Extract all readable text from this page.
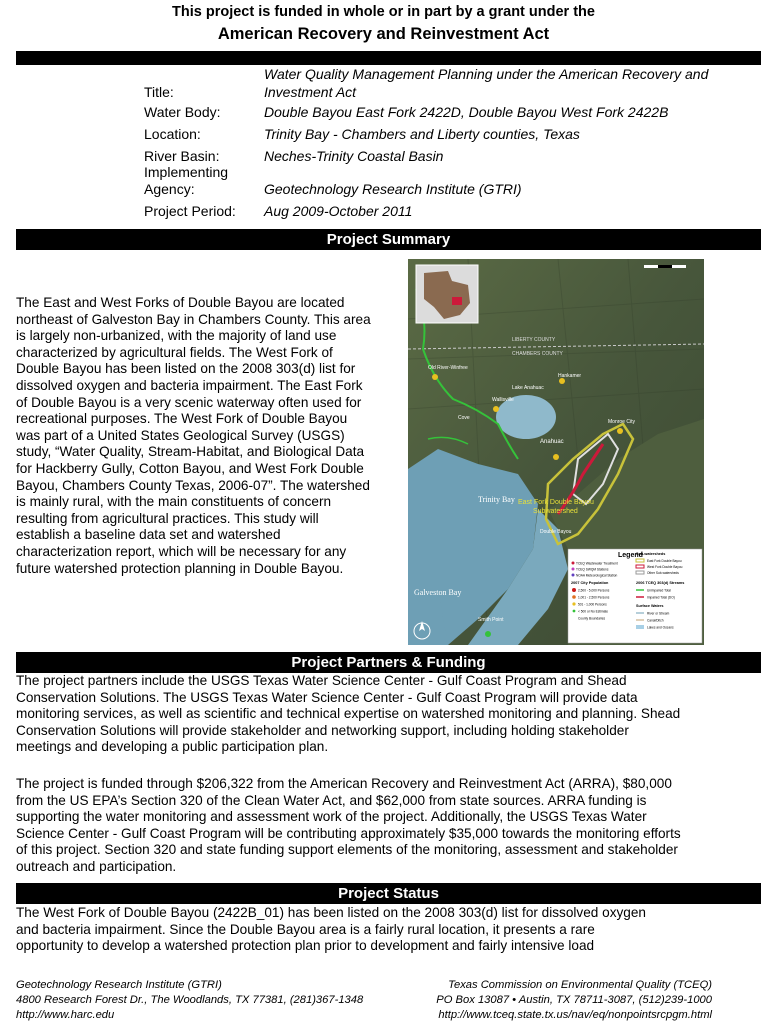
This project is funded in whole or in part by a grant under the
American Recovery and Reinvestment Act
Title:
Water Quality Management Planning under the American Recovery and Investment Act
Water Body:	Double Bayou East Fork 2422D, Double Bayou West Fork 2422B
Location:	Trinity Bay - Chambers and Liberty counties, Texas
River Basin:	Neches-Trinity Coastal Basin
Implementing
Agency:	Geotechnology Research Institute (GTRI)
Project Period: Aug 2009-October 2011
Project Summary
The East and West Forks of Double Bayou are located
northeast of Galveston Bay in Chambers County. This area
is largely non-urbanized, with the majority of land use
characterized by agricultural fields. The West Fork of
Double Bayou has been listed on the 2008 303(d) list for
dissolved oxygen and bacteria impairment. The East Fork
of Double Bayou is a very scenic waterway often used for
recreational purposes. The West Fork of Double Bayou
was part of a United States Geological Survey (USGS)
study, “Water Quality, Stream-Habitat, and Biological Data
for Hackberry Gully, Cotton Bayou, and West Fork Double
Bayou, Chambers County Texas, 2006-07”. The watershed
is mainly rural, with the main constituents of concern
resulting from agricultural practices. This study will
establish a baseline data set and watershed
characterization report, which will be necessary for any
future watershed protection planning in Double Bayou.
Trinity Bay
Galveston Bay
East Fork Double Bayou
Subwatershed
Anahuac
Double Bayou
Smith Point
Lake Anahuac
Old River-Winfree
Wallisville
Hankamer
Monroe City
Cove
LIBERTY COUNTY
CHAMBERS COUNTY
Legend
TCEQ Wastewater Treatment
TCEQ SWQM Stations
NOAA Meteorological Station
2007 City Population
2,500 - 5,000 Persons
1,001 - 2,500 Persons
501 - 1,000 Persons
< 500 or No Estimate
County Boundaries
Sub-watersheds
East Fork Double Bayou
West Fork Double Bayou
Other Sub-watersheds
2006 TCEQ 303(d) Streams
Unimpaired Total
Impaired Total (DO)
Surface Waters
River or Stream
Canal/Ditch
Lakes and Oceans
Project Partners & Funding
The project partners include the USGS Texas Water Science Center - Gulf Coast Program and Shead
Conservation Solutions. The USGS Texas Water Science Center - Gulf Coast Program will provide data
monitoring services, as well as scientific and technical expertise on watershed monitoring and planning. Shead
Conservation Solutions will provide stakeholder and networking support, including holding stakeholder
meetings and developing a public participation plan.
The project is funded through $206,322 from the American Recovery and Reinvestment Act (ARRA), $80,000
from the US EPA’s Section 320 of the Clean Water Act, and $62,000 from state sources. ARRA funding is
supporting the water monitoring and assessment work of the project. Additionally, the USGS Texas Water
Science Center - Gulf Coast Program will be contributing approximately $35,000 towards the monitoring efforts
of this project. Section 320 and state funding support elements of the monitoring, assessment and stakeholder
outreach and participation.
Project Status
The West Fork of Double Bayou (2422B_01) has been listed on the 2008 303(d) list for dissolved oxygen
and bacteria impairment. Since the Double Bayou area is a fairly rural location, it presents a rare
opportunity to develop a watershed protection plan prior to development and fairly intensive load
Geotechnology Research Institute (GTRI)
4800 Research Forest Dr., The Woodlands, TX 77381, (281)367-1348
http://www.harc.edu
Texas Commission on Environmental Quality (TCEQ)
PO Box 13087 • Austin, TX 78711-3087, (512)239-1000
http://www.tceq.state.tx.us/nav/eq/nonpointsrcpgm.html
